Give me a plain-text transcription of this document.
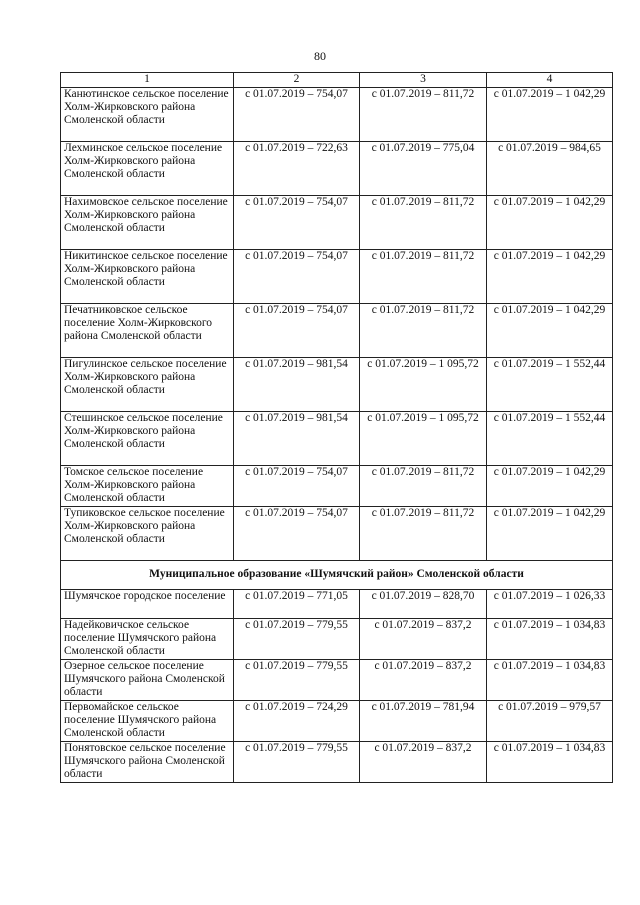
80
1	2	3	4
Канютинское сельское поселение Холм-Жирковского района Смоленской области	с 01.07.2019 – 754,07	с 01.07.2019 – 811,72	с 01.07.2019 – 1 042,29
Лехминское сельское поселение Холм-Жирковского района Смоленской области	с 01.07.2019 – 722,63	с 01.07.2019 – 775,04	с 01.07.2019 – 984,65
Нахимовское сельское поселение Холм-Жирковского района Смоленской области	с 01.07.2019 – 754,07	с 01.07.2019 – 811,72	с 01.07.2019 – 1 042,29
Никитинское сельское поселение Холм-Жирковского района Смоленской области	с 01.07.2019 – 754,07	с 01.07.2019 – 811,72	с 01.07.2019 – 1 042,29
Печатниковское сельское поселение Холм-Жирковского района Смоленской области	с 01.07.2019 – 754,07	с 01.07.2019 – 811,72	с 01.07.2019 – 1 042,29
Пигулинское сельское поселение Холм-Жирковского района Смоленской области	с 01.07.2019 – 981,54	с 01.07.2019 – 1 095,72	с 01.07.2019 – 1 552,44
Стешинское сельское поселение Холм-Жирковского района Смоленской области	с 01.07.2019 – 981,54	с 01.07.2019 – 1 095,72	с 01.07.2019 – 1 552,44
Томское сельское поселение Холм-Жирковского района Смоленской области	с 01.07.2019 – 754,07	с 01.07.2019 – 811,72	с 01.07.2019 – 1 042,29
Тупиковское сельское поселение Холм-Жирковского района Смоленской области	с 01.07.2019 – 754,07	с 01.07.2019 – 811,72	с 01.07.2019 – 1 042,29
Муниципальное образование «Шумячский район» Смоленской области			
Шумячское городское поселение	с 01.07.2019 – 771,05	с 01.07.2019 – 828,70	с 01.07.2019 – 1 026,33
Надейковичское сельское поселение Шумячского района Смоленской области	с 01.07.2019 – 779,55	с 01.07.2019 – 837,2	с 01.07.2019 – 1 034,83
Озерное сельское поселение Шумячского района Смоленской области	с 01.07.2019 – 779,55	с 01.07.2019 – 837,2	с 01.07.2019 – 1 034,83
Первомайское сельское поселение Шумячского района Смоленской области	с 01.07.2019 – 724,29	с 01.07.2019 – 781,94	с 01.07.2019 – 979,57
Понятовское сельское поселение Шумячского района Смоленской области	с 01.07.2019 – 779,55	с 01.07.2019 – 837,2	с 01.07.2019 – 1 034,83
